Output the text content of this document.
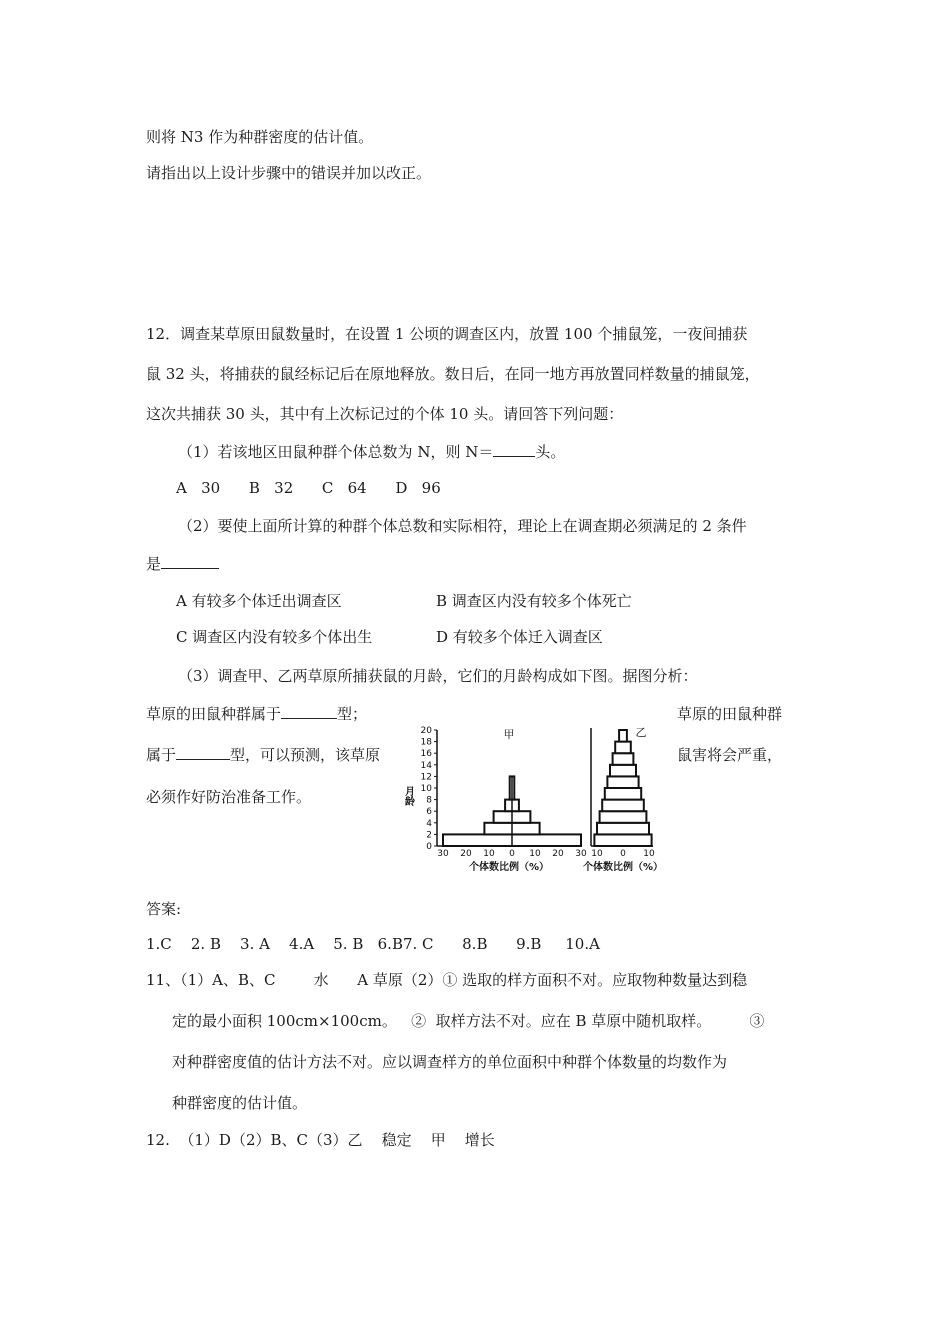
则将 N3 作为种群密度的估计值。
请指出以上设计步骤中的错误并加以改正。
12．调查某草原田鼠数量时，在设置 1 公顷的调查区内，放置 100 个捕鼠笼，一夜间捕获
鼠 32 头，将捕获的鼠经标记后在原地释放。数日后，在同一地方再放置同样数量的捕鼠笼，
这次共捕获 30 头，其中有上次标记过的个体 10 头。请回答下列问题：
（1）若该地区田鼠种群个体总数为 N，则 N＝	头。
A   30      B   32      C   64      D   96
（2）要使上面所计算的种群个体总数和实际相符，理论上在调查期必须满足的 2 条件
是
A 有较多个体迁出调查区	B 调查区内没有较多个体死亡
C 调查区内没有较多个体出生	D 有较多个体迁入调查区
（3）调查甲、乙两草原所捕获鼠的月龄，它们的月龄构成如下图。据图分析：
草原的田鼠种群属于	型；	草原的田鼠种群
属于	型，可以预测，该草原	鼠害将会严重，
必须作好防治准备工作。
0
2
4
6
8
10
12
14
16
18
20
30 20 10 0 10 20 30
甲
月龄
个体数比例（%）
10 0 10
乙
个体数比例（%）
答案:
1.C    2. B    3. A    4.A    5. B   6.B7. C      8.B      9.B     10.A
11、（1）A、B、C        水      A 草原（2）① 选取的样方面积不对。应取物种数量达到稳
定的最小面积 100cm×100cm。   ②  取样方法不对。应在 B 草原中随机取样。        ③
对种群密度值的估计方法不对。应以调查样方的单位面积中种群个体数量的均数作为
种群密度的估计值。
12.  （1）D（2）B、C（3）乙    稳定    甲    增长
